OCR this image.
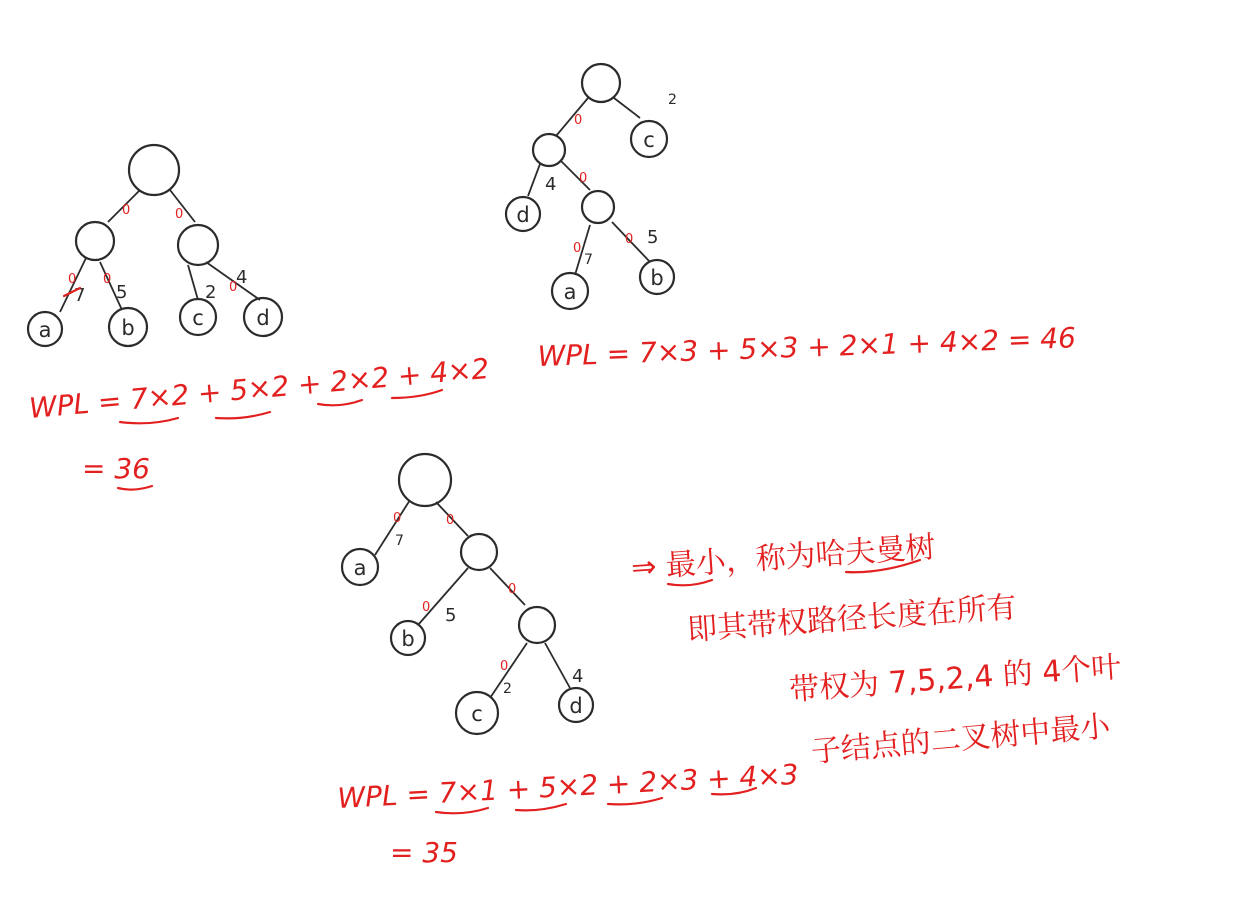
a	b	c	d
7 5	2
4
0	0
0 0
0
c
d
a
b
2
4
7
5
0
0
0
0
a
b
c	d
7
5
2
4
0	0
0
0
0
WPL = 7×2 + 5×2 + 2×2 + 4×2
= 36
WPL = 7×3 + 5×3 + 2×1 + 4×2 = 46
WPL = 7×1 + 5×2 + 2×3 + 4×3
= 35
⇒ 最小，称为哈夫曼树
即其带权路径长度在所有
带权为 7,5,2,4 的 4个叶
子结点的二叉树中最小
